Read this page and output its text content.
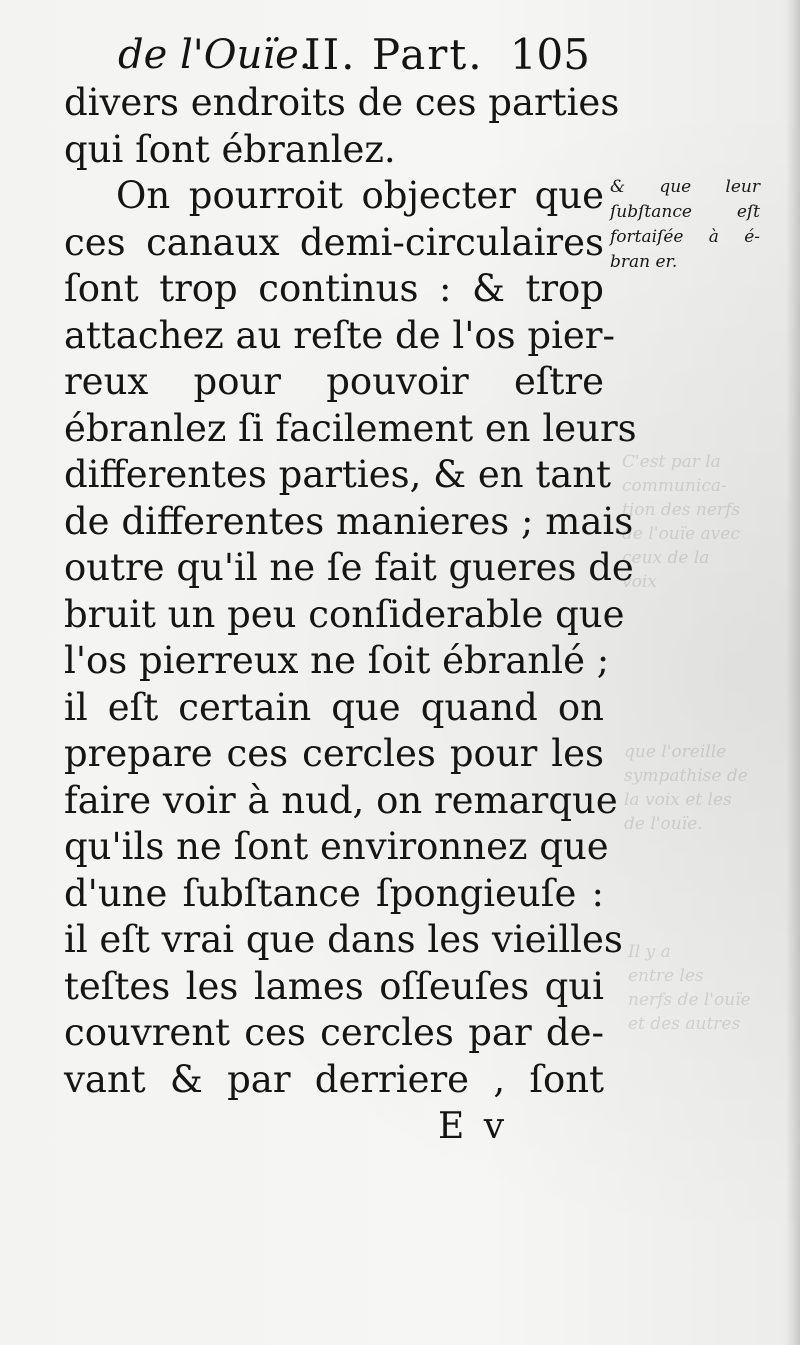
C'est par la
communica-
tion des nerfs
de l'ouïe avec
ceux de la
voix
que l'oreille
sympathise de
la voix et les
de l'ouïe.
Il y a
entre les
nerfs de l'ouïe
et des autres
de l'Ouïe.
II. Part. 105
divers endroits de ces parties
qui ſont ébranlez.
On pourroit objecter que
ces canaux demi-circulaires
ſont trop continus : & trop
attachez au reſte de l'os pier-
reux pour pouvoir eſtre
ébranlez ſi facilement en leurs
differentes parties, & en tant
de differentes manieres ; mais
outre qu'il ne ſe fait gueres de
bruit un peu conſiderable que
l'os pierreux ne ſoit ébranlé ;
il eſt certain que quand on
prepare ces cercles pour les
faire voir à nud, on remarque
qu'ils ne ſont environnez que
d'une ſubſtance ſpongieuſe :
il eſt vrai que dans les vieilles
teſtes les lames oſſeuſes qui
couvrent ces cercles par de-
vant & par derriere , ſont
& que leur
ſubſtance eſt
fortaiſée à é-
bran er.
E v
